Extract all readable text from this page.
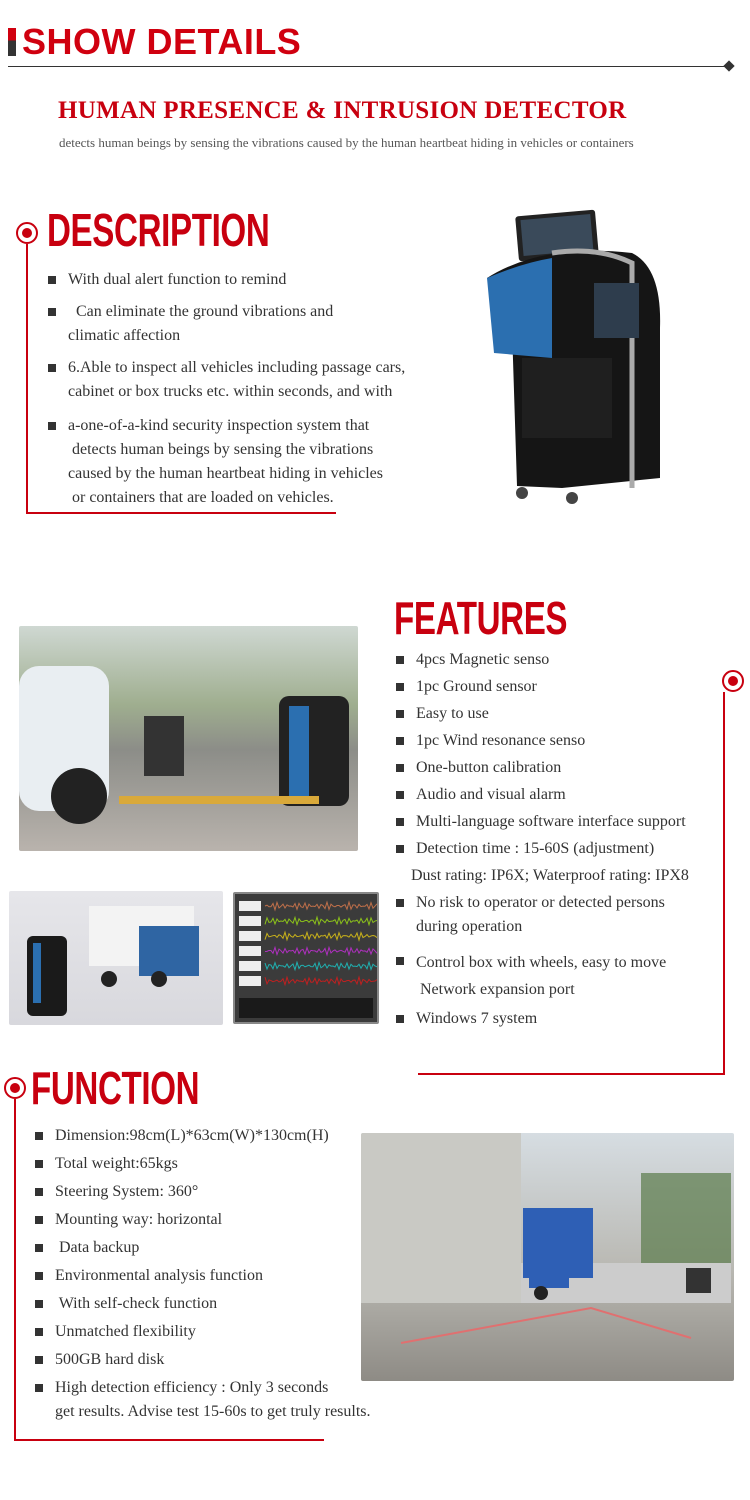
SHOW DETAILS
HUMAN PRESENCE & INTRUSION DETECTOR
detects human beings by sensing the vibrations caused by the human heartbeat hiding in vehicles or containers
DESCRIPTION
With dual alert function to remind
Can eliminate the ground vibrations and
climatic affection
6.Able to inspect all vehicles including passage cars,
cabinet or box trucks etc. within seconds, and with
a-one-of-a-kind security inspection system that
detects human beings by sensing the vibrations
caused by the human heartbeat hiding in vehicles
or containers that are loaded on vehicles.
FEATURES
4pcs Magnetic senso
1pc Ground sensor
Easy to use
1pc Wind resonance senso
One-button calibration
Audio and visual alarm
Multi-language software interface support
Detection time : 15-60S (adjustment)
Dust rating: IP6X; Waterproof rating: IPX8
No risk to operator or detected persons
during operation
Control box with wheels, easy to move
Network expansion port
Windows 7 system
FUNCTION
Dimension:98cm(L)*63cm(W)*130cm(H)
Total weight:65kgs
Steering System: 360°
Mounting way: horizontal
Data backup
Environmental analysis function
With self-check function
Unmatched flexibility
500GB hard disk
High detection efficiency : Only 3 seconds
get results. Advise test 15-60s to get truly results.
